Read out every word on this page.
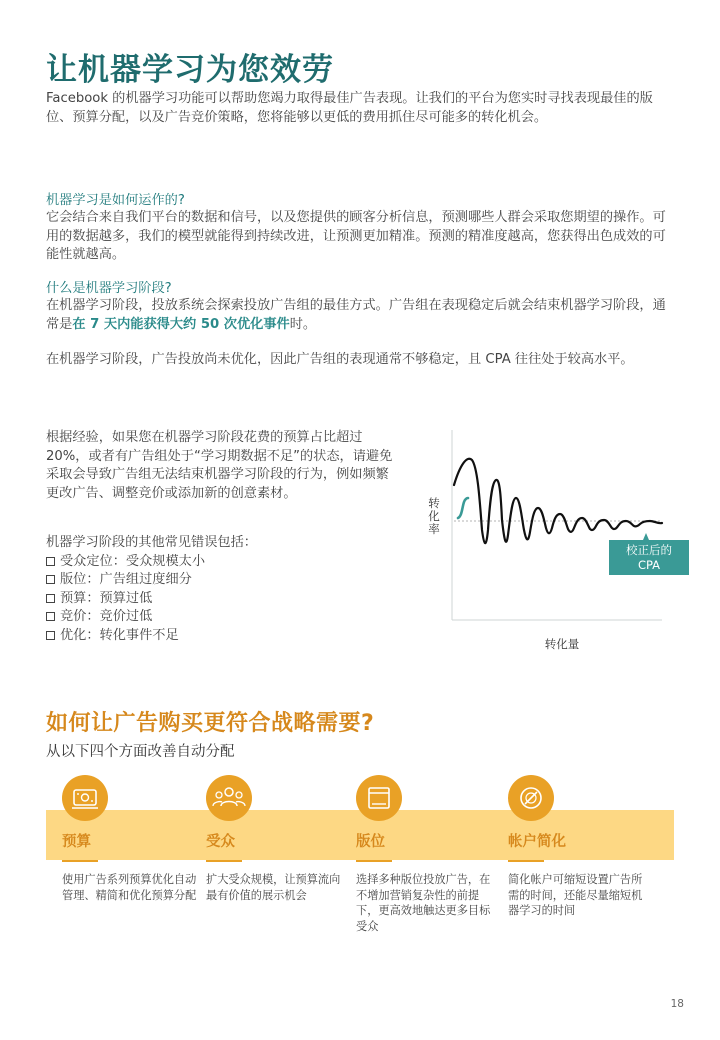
让机器学习为您效劳
Facebook 的机器学习功能可以帮助您竭力取得最佳广告表现。让我们的平台为您实时寻找表现最佳的版位、预算分配，以及广告竞价策略，您将能够以更低的费用抓住尽可能多的转化机会。
机器学习是如何运作的?
它会结合来自我们平台的数据和信号，以及您提供的顾客分析信息，预测哪些人群会采取您期望的操作。可用的数据越多，我们的模型就能得到持续改进，让预测更加精准。预测的精准度越高，您获得出色成效的可能性就越高。
什么是机器学习阶段?
在机器学习阶段，投放系统会探索投放广告组的最佳方式。广告组在表现稳定后就会结束机器学习阶段，通常是在 7 天内能获得大约 50 次优化事件时。
在机器学习阶段，广告投放尚未优化，因此广告组的表现通常不够稳定，且 CPA 往往处于较高水平。
根据经验，如果您在机器学习阶段花费的预算占比超过 20%，或者有广告组处于“学习期数据不足”的状态，请避免采取会导致广告组无法结束机器学习阶段的行为，例如频繁更改广告、调整竞价或添加新的创意素材。
机器学习阶段的其他常见错误包括：
受众定位：受众规模太小
版位：广告组过度细分
预算：预算过低
竞价：竞价过低
优化：转化事件不足
校正后的
CPA
转化量
转
化
率
如何让广告购买更符合战略需要?
从以下四个方面改善自动分配
预算
使用广告系列预算优化自动管理、精简和优化预算分配
受众
扩大受众规模，让预算流向最有价值的展示机会
版位
选择多种版位投放广告，在不增加营销复杂性的前提下，更高效地触达更多目标受众
帐户简化
简化帐户可缩短设置广告所需的时间，还能尽量缩短机器学习的时间
18
